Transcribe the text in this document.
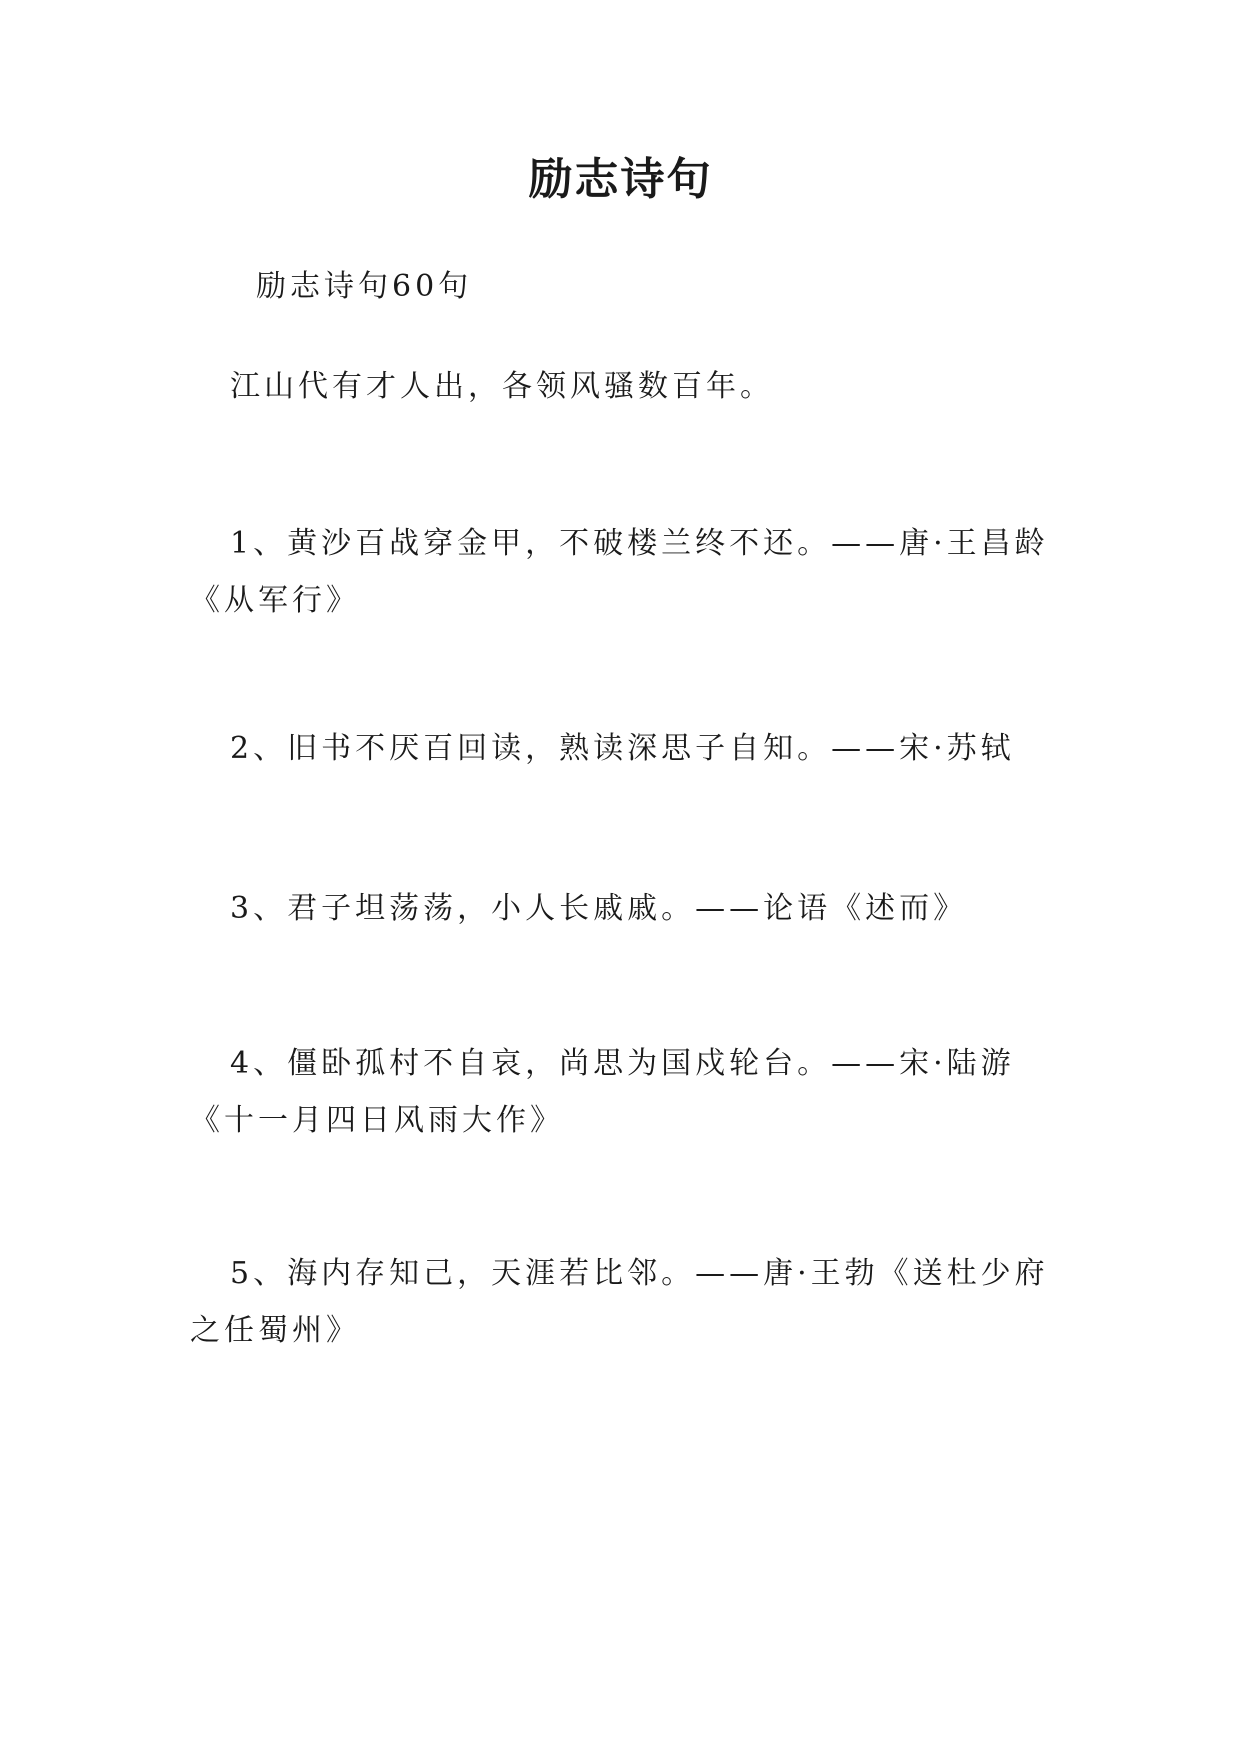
励志诗句

励志诗句60句

江山代有才人出，各领风骚数百年。

1、黄沙百战穿金甲，不破楼兰终不还。——唐·王昌龄《从军行》

2、旧书不厌百回读，熟读深思子自知。——宋·苏轼

3、君子坦荡荡，小人长戚戚。——论语《述而》

4、僵卧孤村不自哀，尚思为国戍轮台。——宋·陆游《十一月四日风雨大作》

5、海内存知己，天涯若比邻。——唐·王勃《送杜少府之任蜀州》
